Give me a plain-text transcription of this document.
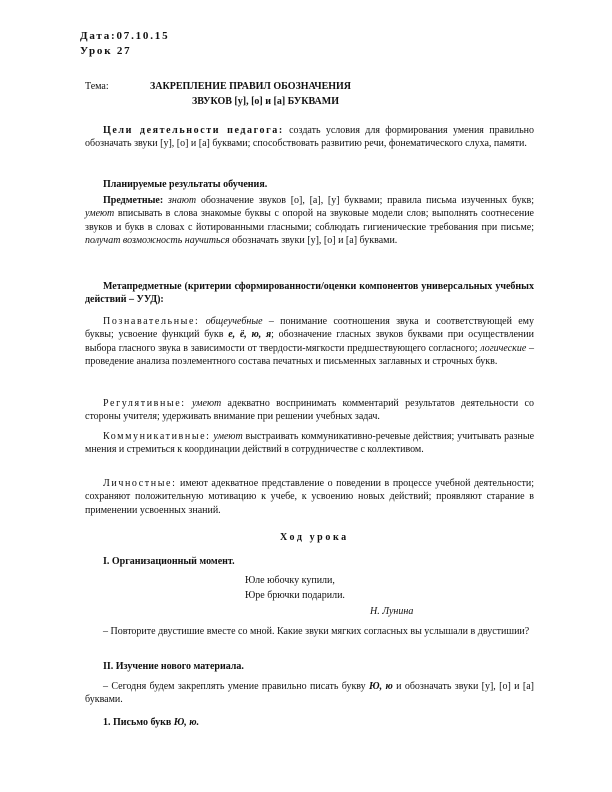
Дата:07.10.15
Урок 27
Тема:	ЗАКРЕПЛЕНИЕ ПРАВИЛ ОБОЗНАЧЕНИЯ
ЗВУКОВ [у], [о] и [а] БУКВАМИ
Цели деятельности педагога: создать условия для формирования умения правильно обозначать звуки [у], [о] и [а] буквами; способствовать развитию речи, фонематического слуха, памяти.
Планируемые результаты обучения.
Предметные: знают обозначение звуков [о], [а], [у] буквами; правила письма изученных букв; умеют вписывать в слова знакомые буквы с опорой на звуковые модели слов; выполнять соотнесение звуков и букв в словах с йотированными гласными; соблюдать гигиенические требования при письме; получат возможность научиться обозначать звуки [у], [о] и [а] буквами.
Метапредметные (критерии сформированности/оценки компонентов универсальных учебных действий – УУД):
Познавательные: общеучебные – понимание соотношения звука и соответствующей ему буквы; усвоение функций букв е, ё, ю, я; обозначение гласных звуков буквами при осуществлении выбора гласного звука в зависимости от твердости-мягкости предшествующего согласного; логические – проведение анализа поэлементного состава печатных и письменных заглавных и строчных букв.
Регулятивные: умеют адекватно воспринимать комментарий результатов деятельности со стороны учителя; удерживать внимание при решении учебных задач.
Коммуникативные: умеют выстраивать коммуникативно-речевые действия; учитывать разные мнения и стремиться к координации действий в сотрудничестве с коллективом.
Личностные: имеют адекватное представление о поведении в процессе учебной деятельности; сохраняют положительную мотивацию к учебе, к усвоению новых действий; проявляют старание в применении усвоенных знаний.
Ход урока
I. Организационный момент.
Юле юбочку купили,
Юре брючки подарили.
Н. Лунина
– Повторите двустишие вместе со мной. Какие звуки мягких согласных вы услышали в двустишии?
II. Изучение нового материала.
– Сегодня будем закреплять умение правильно писать букву Ю, ю и обозначать звуки [у], [о] и [а] буквами.
1. Письмо букв Ю, ю.
